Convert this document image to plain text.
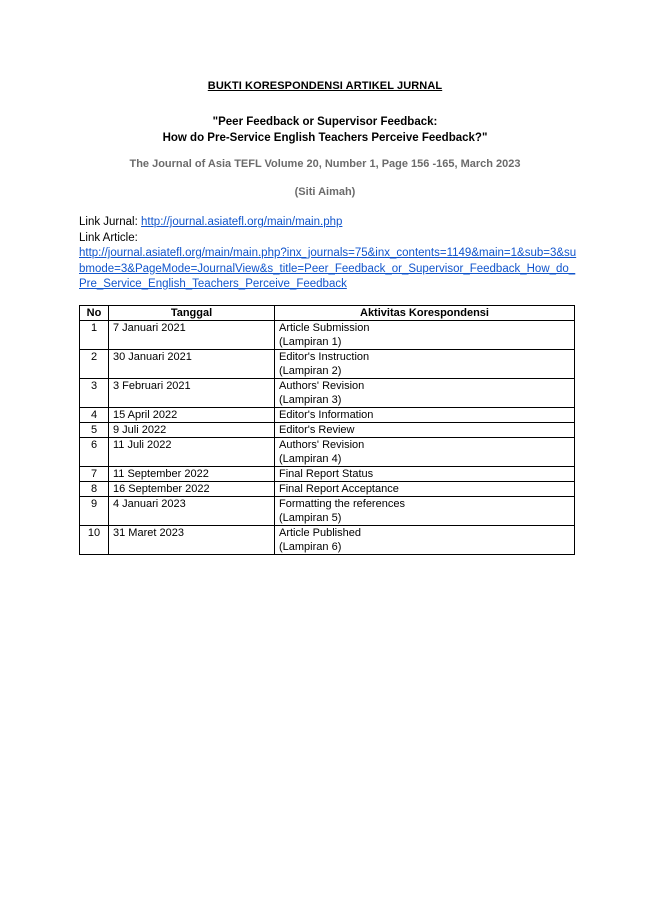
BUKTI KORESPONDENSI ARTIKEL JURNAL
"Peer Feedback or Supervisor Feedback:
How do Pre-Service English Teachers Perceive Feedback?"
The Journal of Asia TEFL Volume 20, Number 1, Page 156 -165, March 2023
(Siti Aimah)
Link Jurnal: http://journal.asiatefl.org/main/main.php
Link Article:
http://journal.asiatefl.org/main/main.php?inx_journals=75&inx_contents=1149&main=1&sub=3&submode=3&PageMode=JournalView&s_title=Peer_Feedback_or_Supervisor_Feedback_How_do_Pre_Service_English_Teachers_Perceive_Feedback
No	Tanggal	Aktivitas Korespondensi
1	7 Januari 2021	Article Submission
(Lampiran 1)

2	30 Januari 2021	Editor's Instruction
(Lampiran 2)

3	3 Februari 2021	Authors' Revision
(Lampiran 3)

4	15 April 2022	Editor's Information

5	9 Juli 2022	Editor's Review

6	11 Juli 2022	Authors' Revision
(Lampiran 4)

7	11 September 2022	Final Report Status

8	16 September 2022	Final Report Acceptance

9	4 Januari 2023	Formatting the references
(Lampiran 5)

10	31 Maret 2023	Article Published
(Lampiran 6)
